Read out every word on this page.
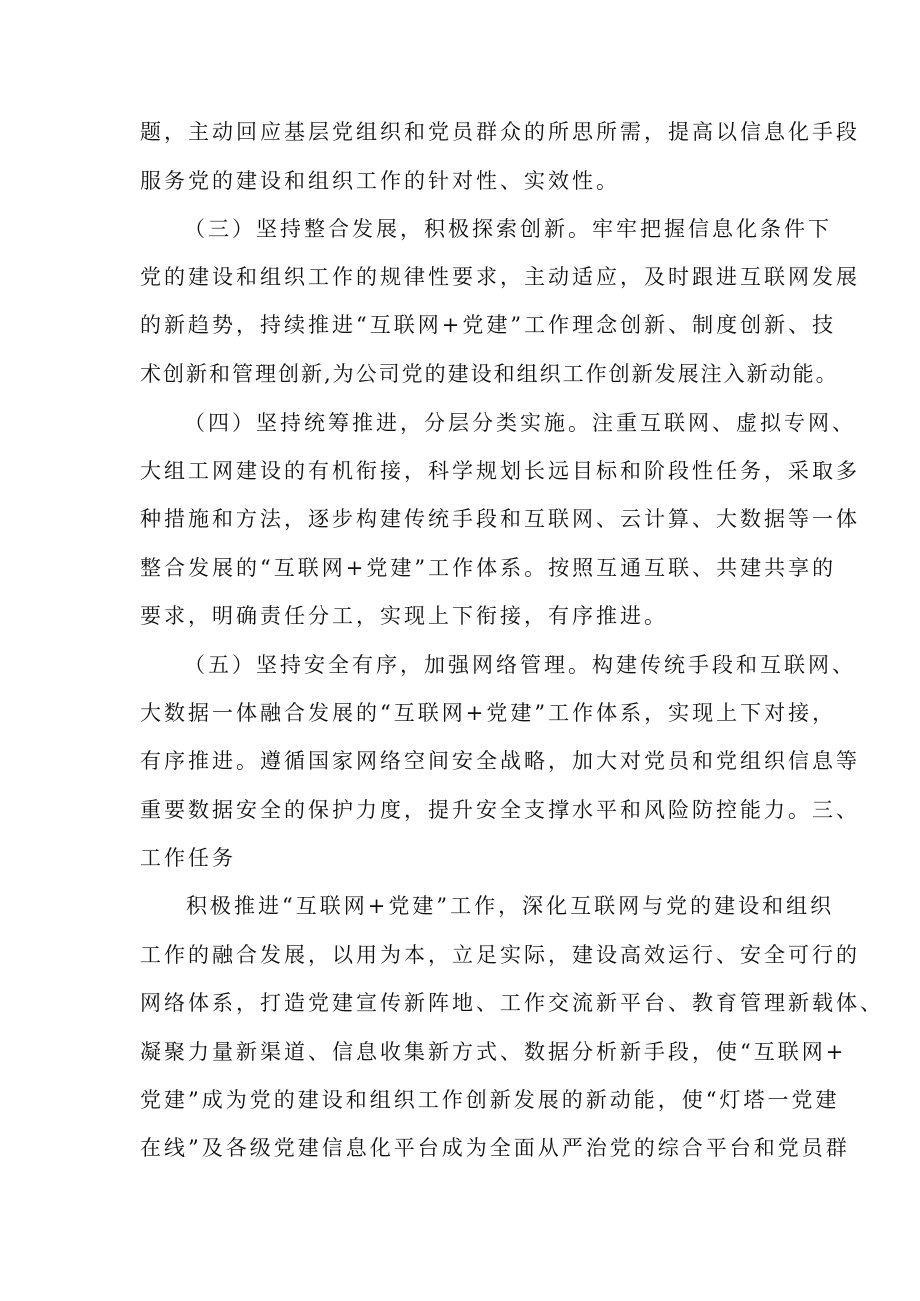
题，主动回应基层党组织和党员群众的所思所需，提高以信息化手段
服务党的建设和组织工作的针对性、实效性。
（三）坚持整合发展，积极探索创新。牢牢把握信息化条件下
党的建设和组织工作的规律性要求，主动适应，及时跟进互联网发展
的新趋势，持续推进“互联网+党建”工作理念创新、制度创新、技
术创新和管理创新,为公司党的建设和组织工作创新发展注入新动能。
（四）坚持统筹推进，分层分类实施。注重互联网、虚拟专网、
大组工网建设的有机衔接，科学规划长远目标和阶段性任务，采取多
种措施和方法，逐步构建传统手段和互联网、云计算、大数据等一体
整合发展的“互联网+党建”工作体系。按照互通互联、共建共享的
要求，明确责任分工，实现上下衔接，有序推进。
（五）坚持安全有序，加强网络管理。构建传统手段和互联网、
大数据一体融合发展的“互联网+党建”工作体系，实现上下对接，
有序推进。遵循国家网络空间安全战略，加大对党员和党组织信息等
重要数据安全的保护力度，提升安全支撑水平和风险防控能力。三、
工作任务
积极推进“互联网+党建”工作，深化互联网与党的建设和组织
工作的融合发展，以用为本，立足实际，建设高效运行、安全可行的
网络体系，打造党建宣传新阵地、工作交流新平台、教育管理新载体、
凝聚力量新渠道、信息收集新方式、数据分析新手段，使“互联网+
党建”成为党的建设和组织工作创新发展的新动能，使“灯塔一党建
在线”及各级党建信息化平台成为全面从严治党的综合平台和党员群
